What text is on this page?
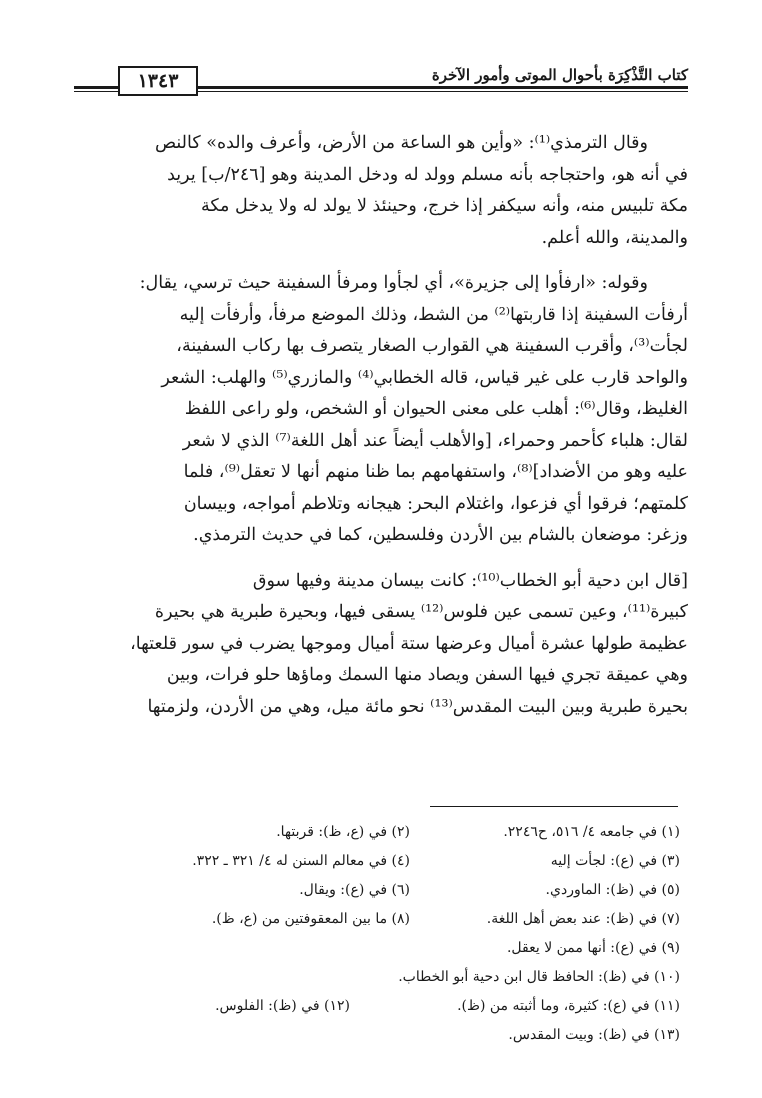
كتاب التَّذْكِرَة بأحوال الموتى وأمور الآخرة
١٣٤٣
وقال الترمذي⁽¹⁾: «وأين هو الساعة من الأرض، وأعرف والده» كالنص
في أنه هو، واحتجاجه بأنه مسلم وولد له ودخل المدينة وهو [٢٤٦/ب] يريد
مكة تلبيس منه، وأنه سيكفر إذا خرج، وحينئذ لا يولد له ولا يدخل مكة
والمدينة، والله أعلم.
وقوله: «ارفأوا إلى جزيرة»، أي لجأوا ومرفأ السفينة حيث ترسي، يقال:
أرفأت السفينة إذا قاربتها⁽²⁾ من الشط، وذلك الموضع مرفأ، وأرفأت إليه
لجأت⁽³⁾، وأقرب السفينة هي القوارب الصغار يتصرف بها ركاب السفينة،
والواحد قارب على غير قياس، قاله الخطابي⁽⁴⁾ والمازري⁽⁵⁾ والهلب: الشعر
الغليظ، وقال⁽⁶⁾: أهلب على معنى الحيوان أو الشخص، ولو راعى اللفظ
لقال: هلباء كأحمر وحمراء، [والأهلب أيضاً عند أهل اللغة⁽⁷⁾ الذي لا شعر
عليه وهو من الأضداد]⁽⁸⁾، واستفهامهم بما ظنا منهم أنها لا تعقل⁽⁹⁾، فلما
كلمتهم؛ فرقوا أي فزعوا، واغتلام البحر: هيجانه وتلاطم أمواجه، وبيسان
وزغر: موضعان بالشام بين الأردن وفلسطين، كما في حديث الترمذي.
[قال ابن دحية أبو الخطاب⁽¹⁰⁾: كانت بيسان مدينة وفيها سوق
كبيرة⁽¹¹⁾، وعين تسمى عين فلوس⁽¹²⁾ يسقى فيها، وبحيرة طبرية هي بحيرة
عظيمة طولها عشرة أميال وعرضها ستة أميال وموجها يضرب في سور قلعتها،
وهي عميقة تجري فيها السفن ويصاد منها السمك وماؤها حلو فرات، وبين
بحيرة طبرية وبين البيت المقدس⁽¹³⁾ نحو مائة ميل، وهي من الأردن، ولزمتها
(١) في جامعه ٤/ ٥١٦، ح٢٢٤٦.
(٢) في (ع، ظ): قربتها.
(٣) في (ع): لجأت إليه
(٤) في معالم السنن له ٤/ ٣٢١ ـ ٣٢٢.
(٥) في (ظ): الماوردي.
(٦) في (ع): ويقال.
(٧) في (ظ): عند بعض أهل اللغة.
(٨) ما بين المعقوفتين من (ع، ظ).
(٩) في (ع): أنها ممن لا يعقل.
(١٠) في (ظ): الحافظ قال ابن دحية أبو الخطاب.
(١١) في (ع): كثيرة، وما أثبته من (ظ).
(١٢) في (ظ): الفلوس.
(١٣) في (ظ): وبيت المقدس.
